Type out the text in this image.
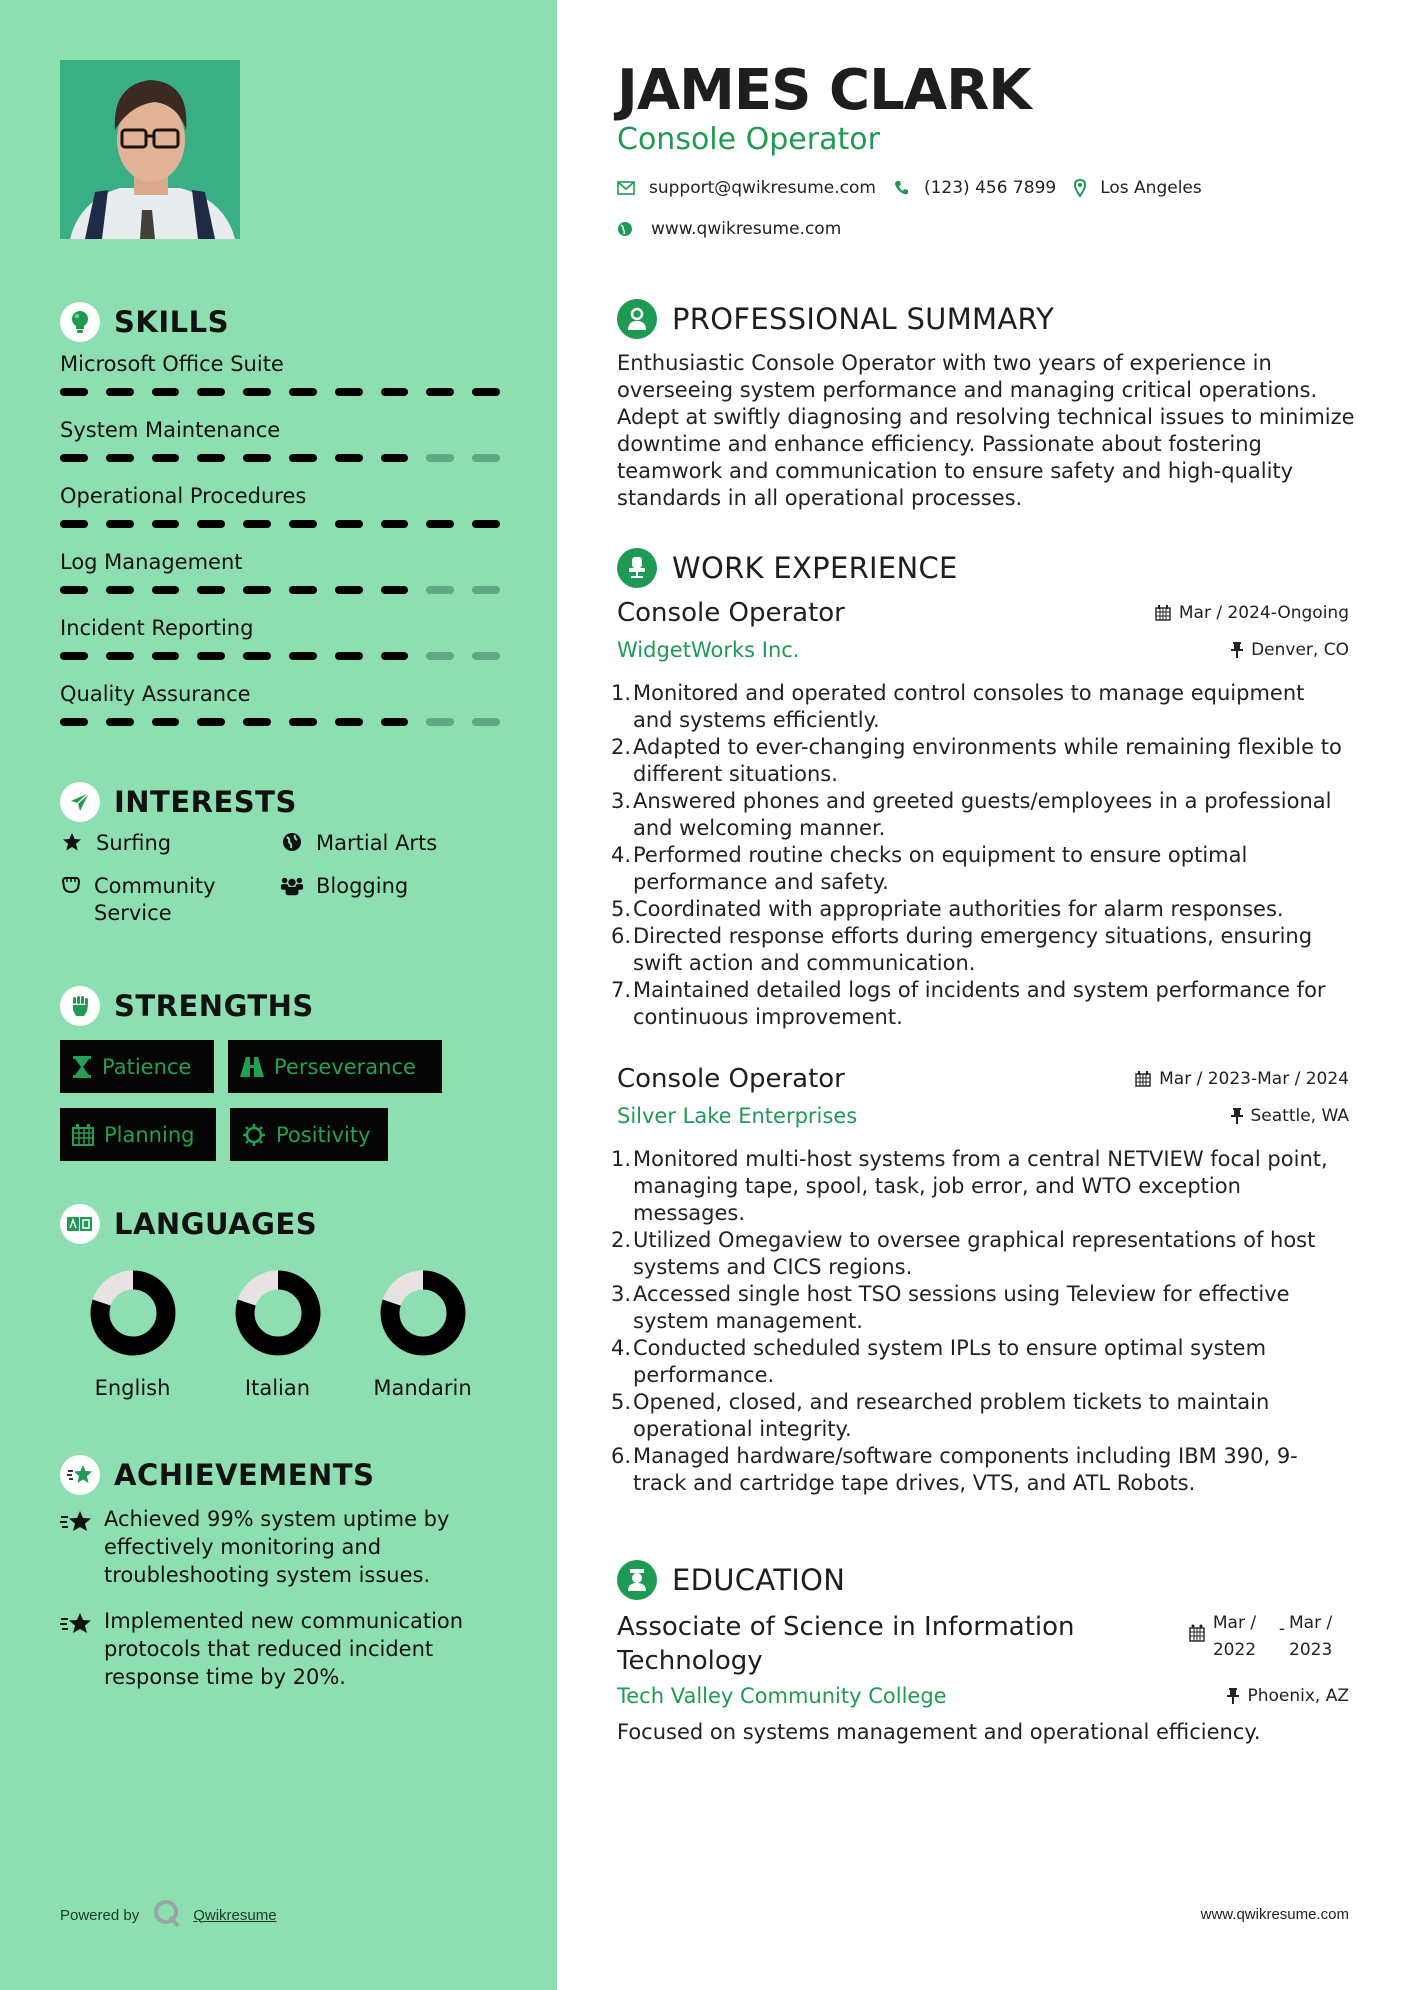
SKILLS
Microsoft Office Suite
System Maintenance
Operational Procedures
Log Management
Incident Reporting
Quality Assurance
INTERESTS
Surfing	Martial Arts
Community Service
Blogging
STRENGTHS
Patience	Perseverance
Planning	Positivity
LANGUAGES
English	Italian	Mandarin
ACHIEVEMENTS
Achieved 99% system uptime by effectively monitoring and troubleshooting system issues.
Implemented new communication protocols that reduced incident response time by 20%.
Powered by	Qwikresume
JAMES CLARK
Console Operator
support@qwikresume.com	(123) 456 7899	Los Angeles
www.qwikresume.com
PROFESSIONAL SUMMARY
Enthusiastic Console Operator with two years of experience in overseeing system performance and managing critical operations. Adept at swiftly diagnosing and resolving technical issues to minimize downtime and enhance efficiency. Passionate about fostering teamwork and communication to ensure safety and high-quality standards in all operational processes.
WORK EXPERIENCE
Console Operator	Mar / 2024-Ongoing
WidgetWorks Inc.	Denver, CO
1. Monitored and operated control consoles to manage equipment and systems efficiently.
2. Adapted to ever-changing environments while remaining flexible to different situations.
3. Answered phones and greeted guests/employees in a professional and welcoming manner.
4. Performed routine checks on equipment to ensure optimal performance and safety.
5. Coordinated with appropriate authorities for alarm responses.
6. Directed response efforts during emergency situations, ensuring swift action and communication.
7. Maintained detailed logs of incidents and system performance for continuous improvement.
Console Operator	Mar / 2023-Mar / 2024
Silver Lake Enterprises	Seattle, WA
1. Monitored multi-host systems from a central NETVIEW focal point, managing tape, spool, task, job error, and WTO exception messages.
2. Utilized Omegaview to oversee graphical representations of host systems and CICS regions.
3. Accessed single host TSO sessions using Teleview for effective system management.
4. Conducted scheduled system IPLs to ensure optimal system performance.
5. Opened, closed, and researched problem tickets to maintain operational integrity.
6. Managed hardware/software components including IBM 390, 9-track and cartridge tape drives, VTS, and ATL Robots.
EDUCATION
Associate of Science in Information Technology
Mar / 2022
- Mar / 2023
Tech Valley Community College	Phoenix, AZ
Focused on systems management and operational efficiency.
www.qwikresume.com
